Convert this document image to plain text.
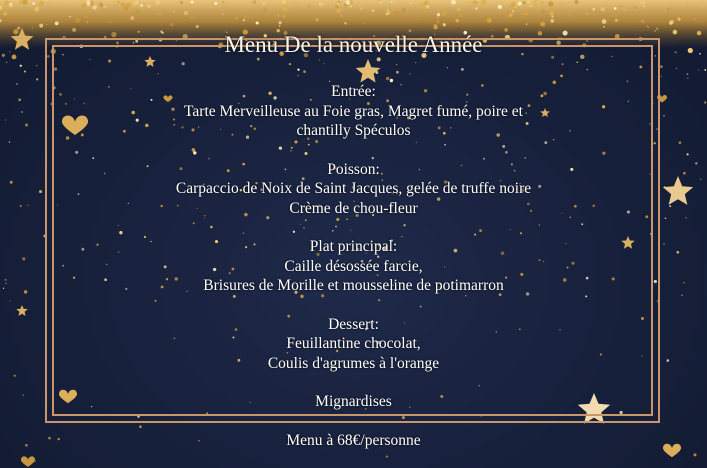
Menu De la nouvelle Année
Entrée:
Tarte Merveilleuse au Foie gras, Magret fumé, poire et
chantilly Spéculos
Poisson:
Carpaccio de Noix de Saint Jacques, gelée de truffe noire
Crème de chou-fleur
Plat principal:
Caille désossée farcie,
Brisures de Morille et mousseline de potimarron
Dessert:
Feuillantine chocolat,
Coulis d'agrumes à l'orange
Mignardises
Menu à 68€/personne
